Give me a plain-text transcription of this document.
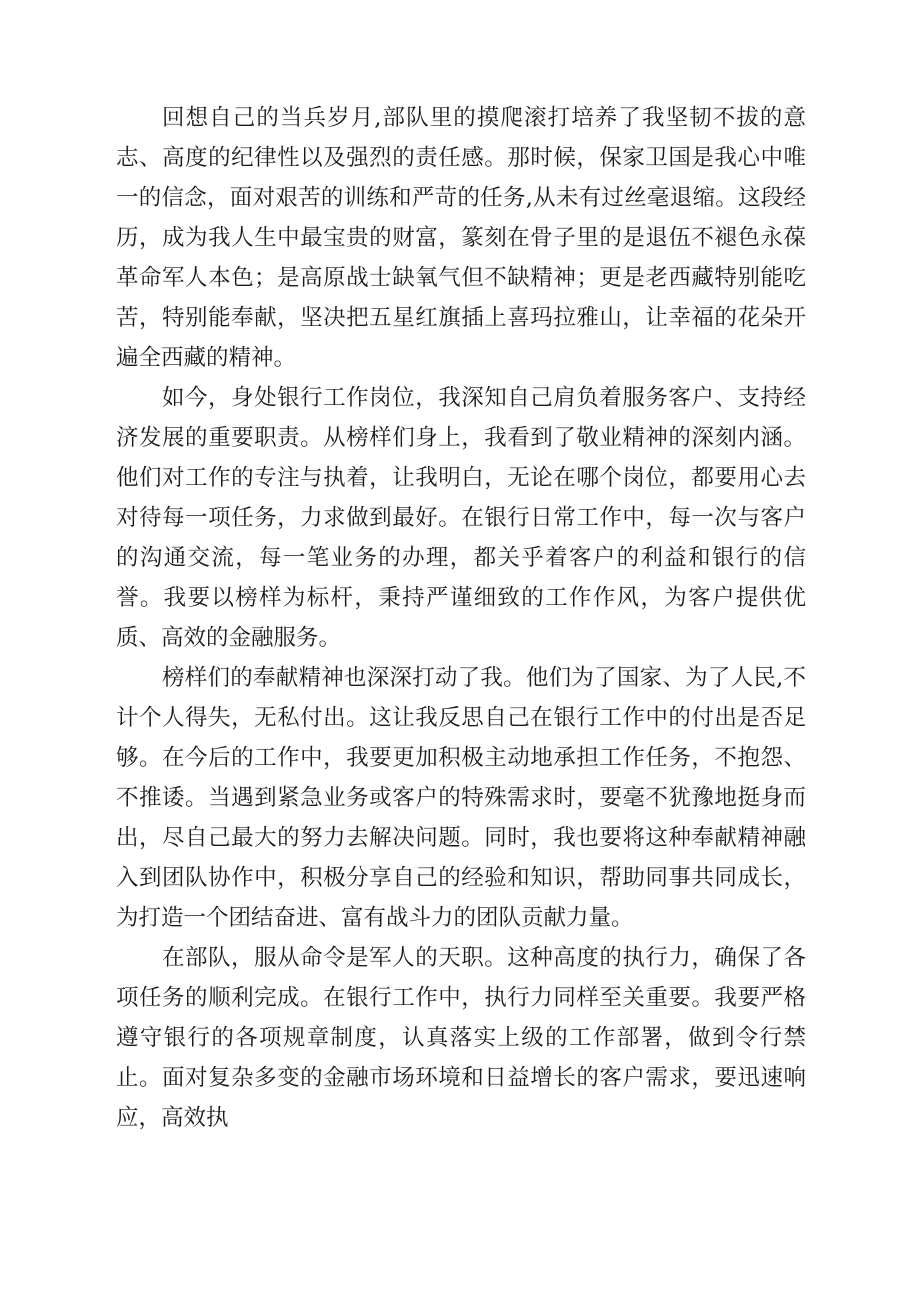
回想自己的当兵岁月,部队里的摸爬滚打培养了我坚韧不拔的意志、高度的纪律性以及强烈的责任感。那时候，保家卫国是我心中唯一的信念，面对艰苦的训练和严苛的任务,从未有过丝毫退缩。这段经历，成为我人生中最宝贵的财富，篆刻在骨子里的是退伍不褪色永葆革命军人本色；是高原战士缺氧气但不缺精神；更是老西藏特别能吃苦，特别能奉献，坚决把五星红旗插上喜玛拉雅山，让幸福的花朵开遍全西藏的精神。

如今，身处银行工作岗位，我深知自己肩负着服务客户、支持经济发展的重要职责。从榜样们身上，我看到了敬业精神的深刻内涵。他们对工作的专注与执着，让我明白，无论在哪个岗位，都要用心去对待每一项任务，力求做到最好。在银行日常工作中，每一次与客户的沟通交流，每一笔业务的办理，都关乎着客户的利益和银行的信誉。我要以榜样为标杆，秉持严谨细致的工作作风，为客户提供优质、高效的金融服务。

榜样们的奉献精神也深深打动了我。他们为了国家、为了人民,不计个人得失，无私付出。这让我反思自己在银行工作中的付出是否足够。在今后的工作中，我要更加积极主动地承担工作任务，不抱怨、不推诿。当遇到紧急业务或客户的特殊需求时，要毫不犹豫地挺身而出，尽自己最大的努力去解决问题。同时，我也要将这种奉献精神融入到团队协作中，积极分享自己的经验和知识，帮助同事共同成长，为打造一个团结奋进、富有战斗力的团队贡献力量。

在部队，服从命令是军人的天职。这种高度的执行力，确保了各项任务的顺利完成。在银行工作中，执行力同样至关重要。我要严格遵守银行的各项规章制度，认真落实上级的工作部署，做到令行禁止。面对复杂多变的金融市场环境和日益增长的客户需求，要迅速响应，高效执
